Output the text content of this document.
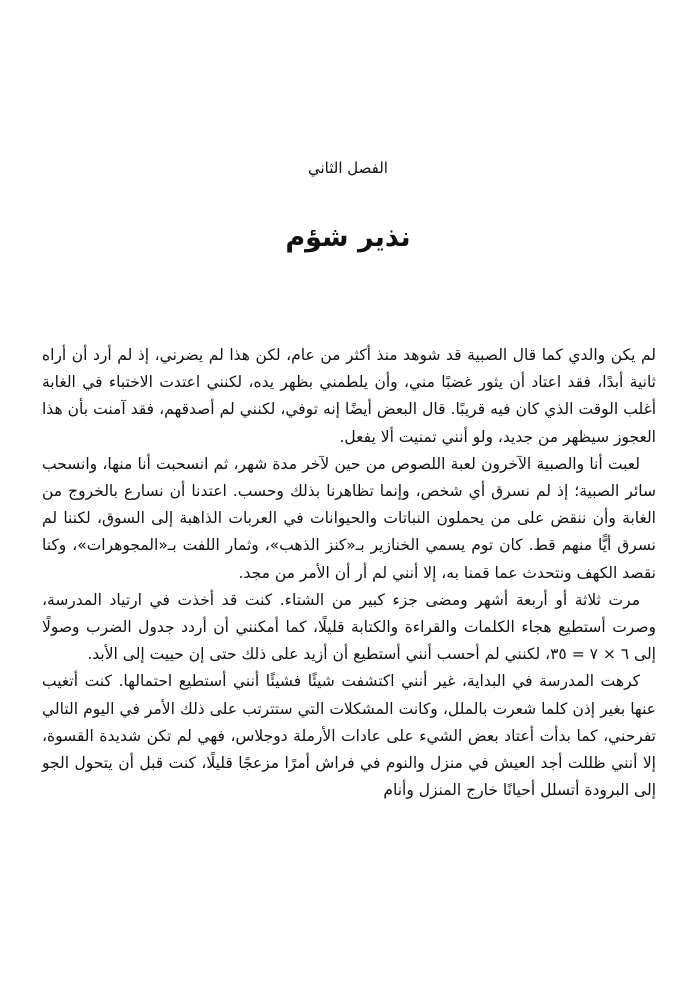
الفصل الثاني
نذير شؤم

لم يكن والدي كما قال الصبية قد شوهد منذ أكثر من عام، لكن هذا لم يضرني، إذ لم أرد أن أراه ثانية أبدًا، فقد اعتاد أن يثور غضبًا مني، وأن يلطمني بظهر يده، لكنني اعتدت الاختباء في الغابة أغلب الوقت الذي كان فيه قريبًا. قال البعض أيضًا إنه توفي، لكنني لم أصدقهم، فقد آمنت بأن هذا العجوز سيظهر من جديد، ولو أنني تمنيت ألا يفعل.

لعبت أنا والصبية الآخرون لعبة اللصوص من حين لآخر مدة شهر، ثم انسحبت أنا منها، وانسحب سائر الصبية؛ إذ لم نسرق أي شخص، وإنما تظاهرنا بذلك وحسب. اعتدنا أن نسارع بالخروج من الغابة وأن ننقض على من يحملون النباتات والحيوانات في العربات الذاهبة إلى السوق، لكننا لم نسرق أيًّا منهم قط. كان توم يسمي الخنازير بـ«كنز الذهب»، وثمار اللفت بـ«المجوهرات»، وكنا نقصد الكهف ونتحدث عما قمنا به، إلا أنني لم أر أن الأمر من مجد.

مرت ثلاثة أو أربعة أشهر ومضى جزء كبير من الشتاء. كنت قد أخذت في ارتياد المدرسة، وصرت أستطيع هجاء الكلمات والقراءة والكتابة قليلًا، كما أمكنني أن أردد جدول الضرب وصولًا إلى ٦ × ٧ = ٣٥، لكنني لم أحسب أنني أستطيع أن أزيد على ذلك حتى إن حييت إلى الأبد.

كرهت المدرسة في البداية، غير أنني اكتشفت شيئًا فشيئًا أنني أستطيع احتمالها. كنت أتغيب عنها بغير إذن كلما شعرت بالملل، وكانت المشكلات التي ستترتب على ذلك الأمر في اليوم التالي تفرحني، كما بدأت أعتاد بعض الشيء على عادات الأرملة دوجلاس، فهي لم تكن شديدة القسوة، إلا أنني ظللت أجد العيش في منزل والنوم في فراش أمرًا مزعجًا قليلًا، كنت قبل أن يتحول الجو إلى البرودة أتسلل أحيانًا خارج المنزل وأنام
